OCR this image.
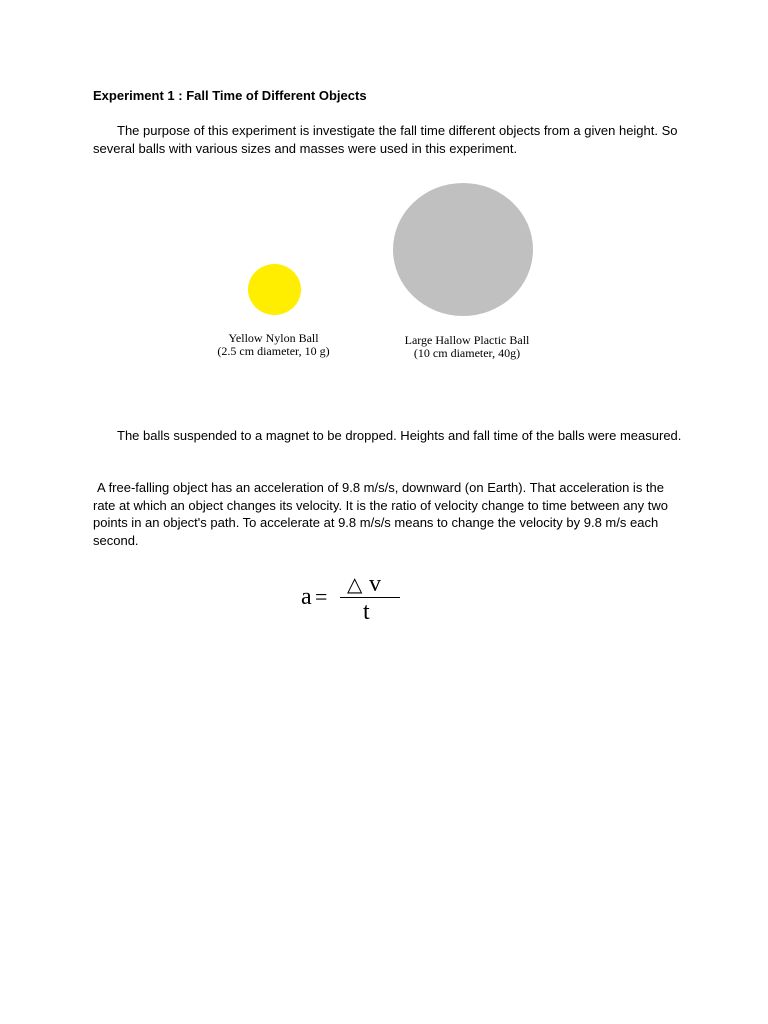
Experiment 1 : Fall Time of Different Objects
The purpose of this experiment is investigate the fall time different objects from a given height. So several balls with various sizes and masses were used in this experiment.
Yellow Nylon Ball
(2.5 cm diameter, 10 g)
Large Hallow Plactic Ball
(10 cm diameter, 40g)
The balls suspended to a magnet to be dropped. Heights and fall time of the balls were measured.
A free-falling object has an acceleration of 9.8 m/s/s, downward (on Earth). That acceleration is the rate at which an object changes its velocity. It is the ratio of velocity change to time between any two points in an object's path. To accelerate at 9.8 m/s/s means to change the velocity by 9.8 m/s each second.
a = △ v
t
